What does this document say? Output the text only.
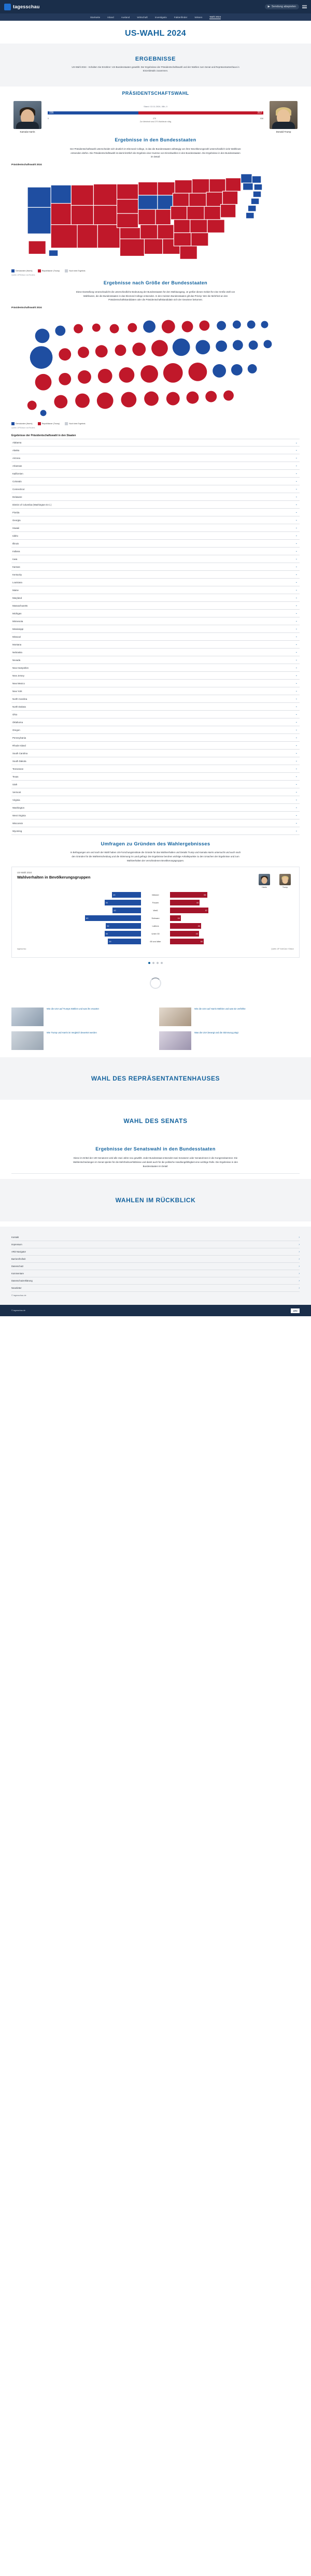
tagesschau	▶ Sendung abspielen
Startseite	Inland	Ausland	Wirtschaft	Investigativ	Faktenfinder	Wissen	Wahl 2024
US-WAHL 2024
ERGEBNISSE

US-Wahl 2024 - Schalten Sie Ernährer: US-Bundesstaaten gewählt. Der Ergebnisse der Präsidentschaftswahl und der Wahlen zum Senat und Repräsentantenhaus in Einzeldetails zusammen.

PRÄSIDENTSCHAFTSWAHL
Kamala Harris
Stand: 13.11.2024, 08h, 0
226	312
0	270	538
Zur Mehrheit sind 270 Wahlleute nötig
Donald Trump
Ergebnisse in den Bundesstaaten

Der Präsidentschaftswahl unterscheidet sich deutlich im Electoral College, in das die Bundesstaaten abhängig von ihrer Bevölkerungszahl unterschiedlich viele Wahlleute entsenden dürfen. Die Präsidentschaftswahl ist damit letztlich die Ergebnis einer Summe von Einzelwahlen in den Bundesstaaten. Die Ergebnisse in den Bundesstaaten im Detail:

Präsidentschaftswahl 2024
Demokraten (Harris)	Republikaner (Trump)	Noch kein Ergebnis
Quelle: AP/Edison via Reuters
Ergebnisse nach Größe der Bundesstaaten

Diese Darstellung veranschaulicht die unterschiedliche Bedeutung der Bundesstaaten für den Wahlausgang. Je größer dieses Gebiet für eine Größe Zahl von Wahlleuten, die die Bundesstaaten in das Electoral College entsenden. In den meisten Bundesstaaten gilt das Prinzip: Wer die Mehrheit an den Präsidentschaftskandidaten oder die Präsidentschaftskandidatin sich der Gewinner bekommt.

Präsidentschaftswahl 2024
Demokraten (Harris)	Republikaner (Trump)	Noch kein Ergebnis
Quelle: AP/Edison via Reuters
Ergebnisse der Präsidentschaftswahl in den Staaten
Alabama	⌄
Alaska	⌄
Arizona	⌄
Arkansas	⌄
Kalifornien	⌄
Colorado	⌄
Connecticut	⌄
Delaware	⌄
District of Columbia (Washington D.C.)	⌄
Florida	⌄
Georgia	⌄
Hawaii	⌄
Idaho	⌄
Illinois	⌄
Indiana	⌄
Iowa	⌄
Kansas	⌄
Kentucky	⌄
Louisiana	⌄
Maine	⌄
Maryland	⌄
Massachusetts	⌄
Michigan	⌄
Minnesota	⌄
Mississippi	⌄
Missouri	⌄
Montana	⌄
Nebraska	⌄
Nevada	⌄
New Hampshire	⌄
New Jersey	⌄
New Mexico	⌄
New York	⌄
North Carolina	⌄
North Dakota	⌄
Ohio	⌄
Oklahoma	⌄
Oregon	⌄
Pennsylvania	⌄
Rhode Island	⌄
South Carolina	⌄
South Dakota	⌄
Tennessee	⌄
Texas	⌄
Utah	⌄
Vermont	⌄
Virginia	⌄
Washington	⌄
West Virginia	⌄
Wisconsin	⌄
Wyoming	⌄
Umfragen zu Gründen des Wahlergebnisses

In Befragungen am und nach der Wahl haben US-Forschungsinstitute die Gründe für das Wahlverhalten und Details Trump und Kamala Harris untersucht und auch nach den Gründen für die Wahlentscheidung und die Stimmung im Land gefragt. Die Ergebnisse beruhen wichtige Anhaltspunkte zu den Ursachen der Ergebnisse und zum Wahlverhalten der verschiedenen Bevölkerungsgruppen.

US-Wahl 2024
Wahlverhalten in Bevölkerungsgruppen
Harris	Trump
43	Männer	55
54	Frauen	44
42	Weiß	57
83	Schwarz	16
52	Latinos	46
54	Unter 30	43
49	65 und älter	50
tagesschau	Quelle: AP VoteCast / Edison
Wie die USA auf Trumps Wählen und was ihn erwartet	Wie die USA auf Harris Wählen und was sie verfehlte
Wie Trump und Harris im Vergleich bewertet werden	Was die USA bewegt und die Stimmung prägt
WAHL DES REPRÄSENTANTENHAUSES
WAHL DES SENATS
Ergebnisse der Senatswahl in den Bundesstaaten

Diese im Drittel der 100 Senatoren wird alle zwei Jahre neu gewählt. Jeder Bundesstaat entsendet zwei Senatoren oder Senatorinnen in die Kongresskammer. Die Wahlentscheidungen im Senat spielen für die Mehrheitsverhältnisse und damit auch für die politische Handlungsfähigkeit eine wichtige Rolle. Die Ergebnisse in den Bundesstaaten im Detail:

WAHLEN IM RÜCKBLICK
Kontakt	›
Impressum	›
ARD Navigator	›
Barrierefreiheit	›
Datenschutz	›
Kommentare	›
Datenschutzerklärung	›
Newsletter	›
© tagesschau.de
© tagesschau.de	ARD
